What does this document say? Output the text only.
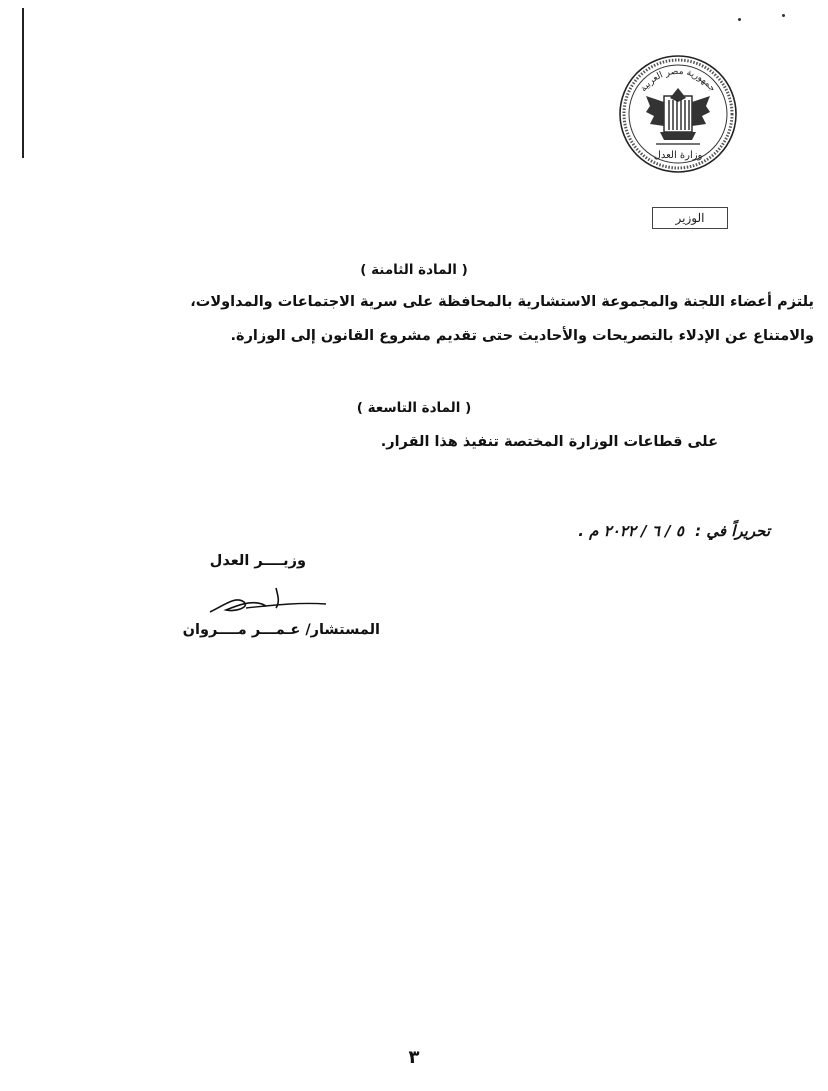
جمهورية مصر العربية
وزارة العدل
الوزير
( المادة الثامنة )
يلتزم أعضاء اللجنة والمجموعة الاستشارية بالمحافظة على سرية الاجتماعات والمداولات،
والامتناع عن الإدلاء بالتصريحات والأحاديث حتى تقديم مشروع القانون إلى الوزارة.
( المادة التاسعة )
على قطاعات الوزارة المختصة تنفيذ هذا القرار.
تحريراً في : ٥ / ٦ / ٢٠٢٢ م .
وزيــــر العدل
المستشار/ عـمـــر مــــروان
٣
